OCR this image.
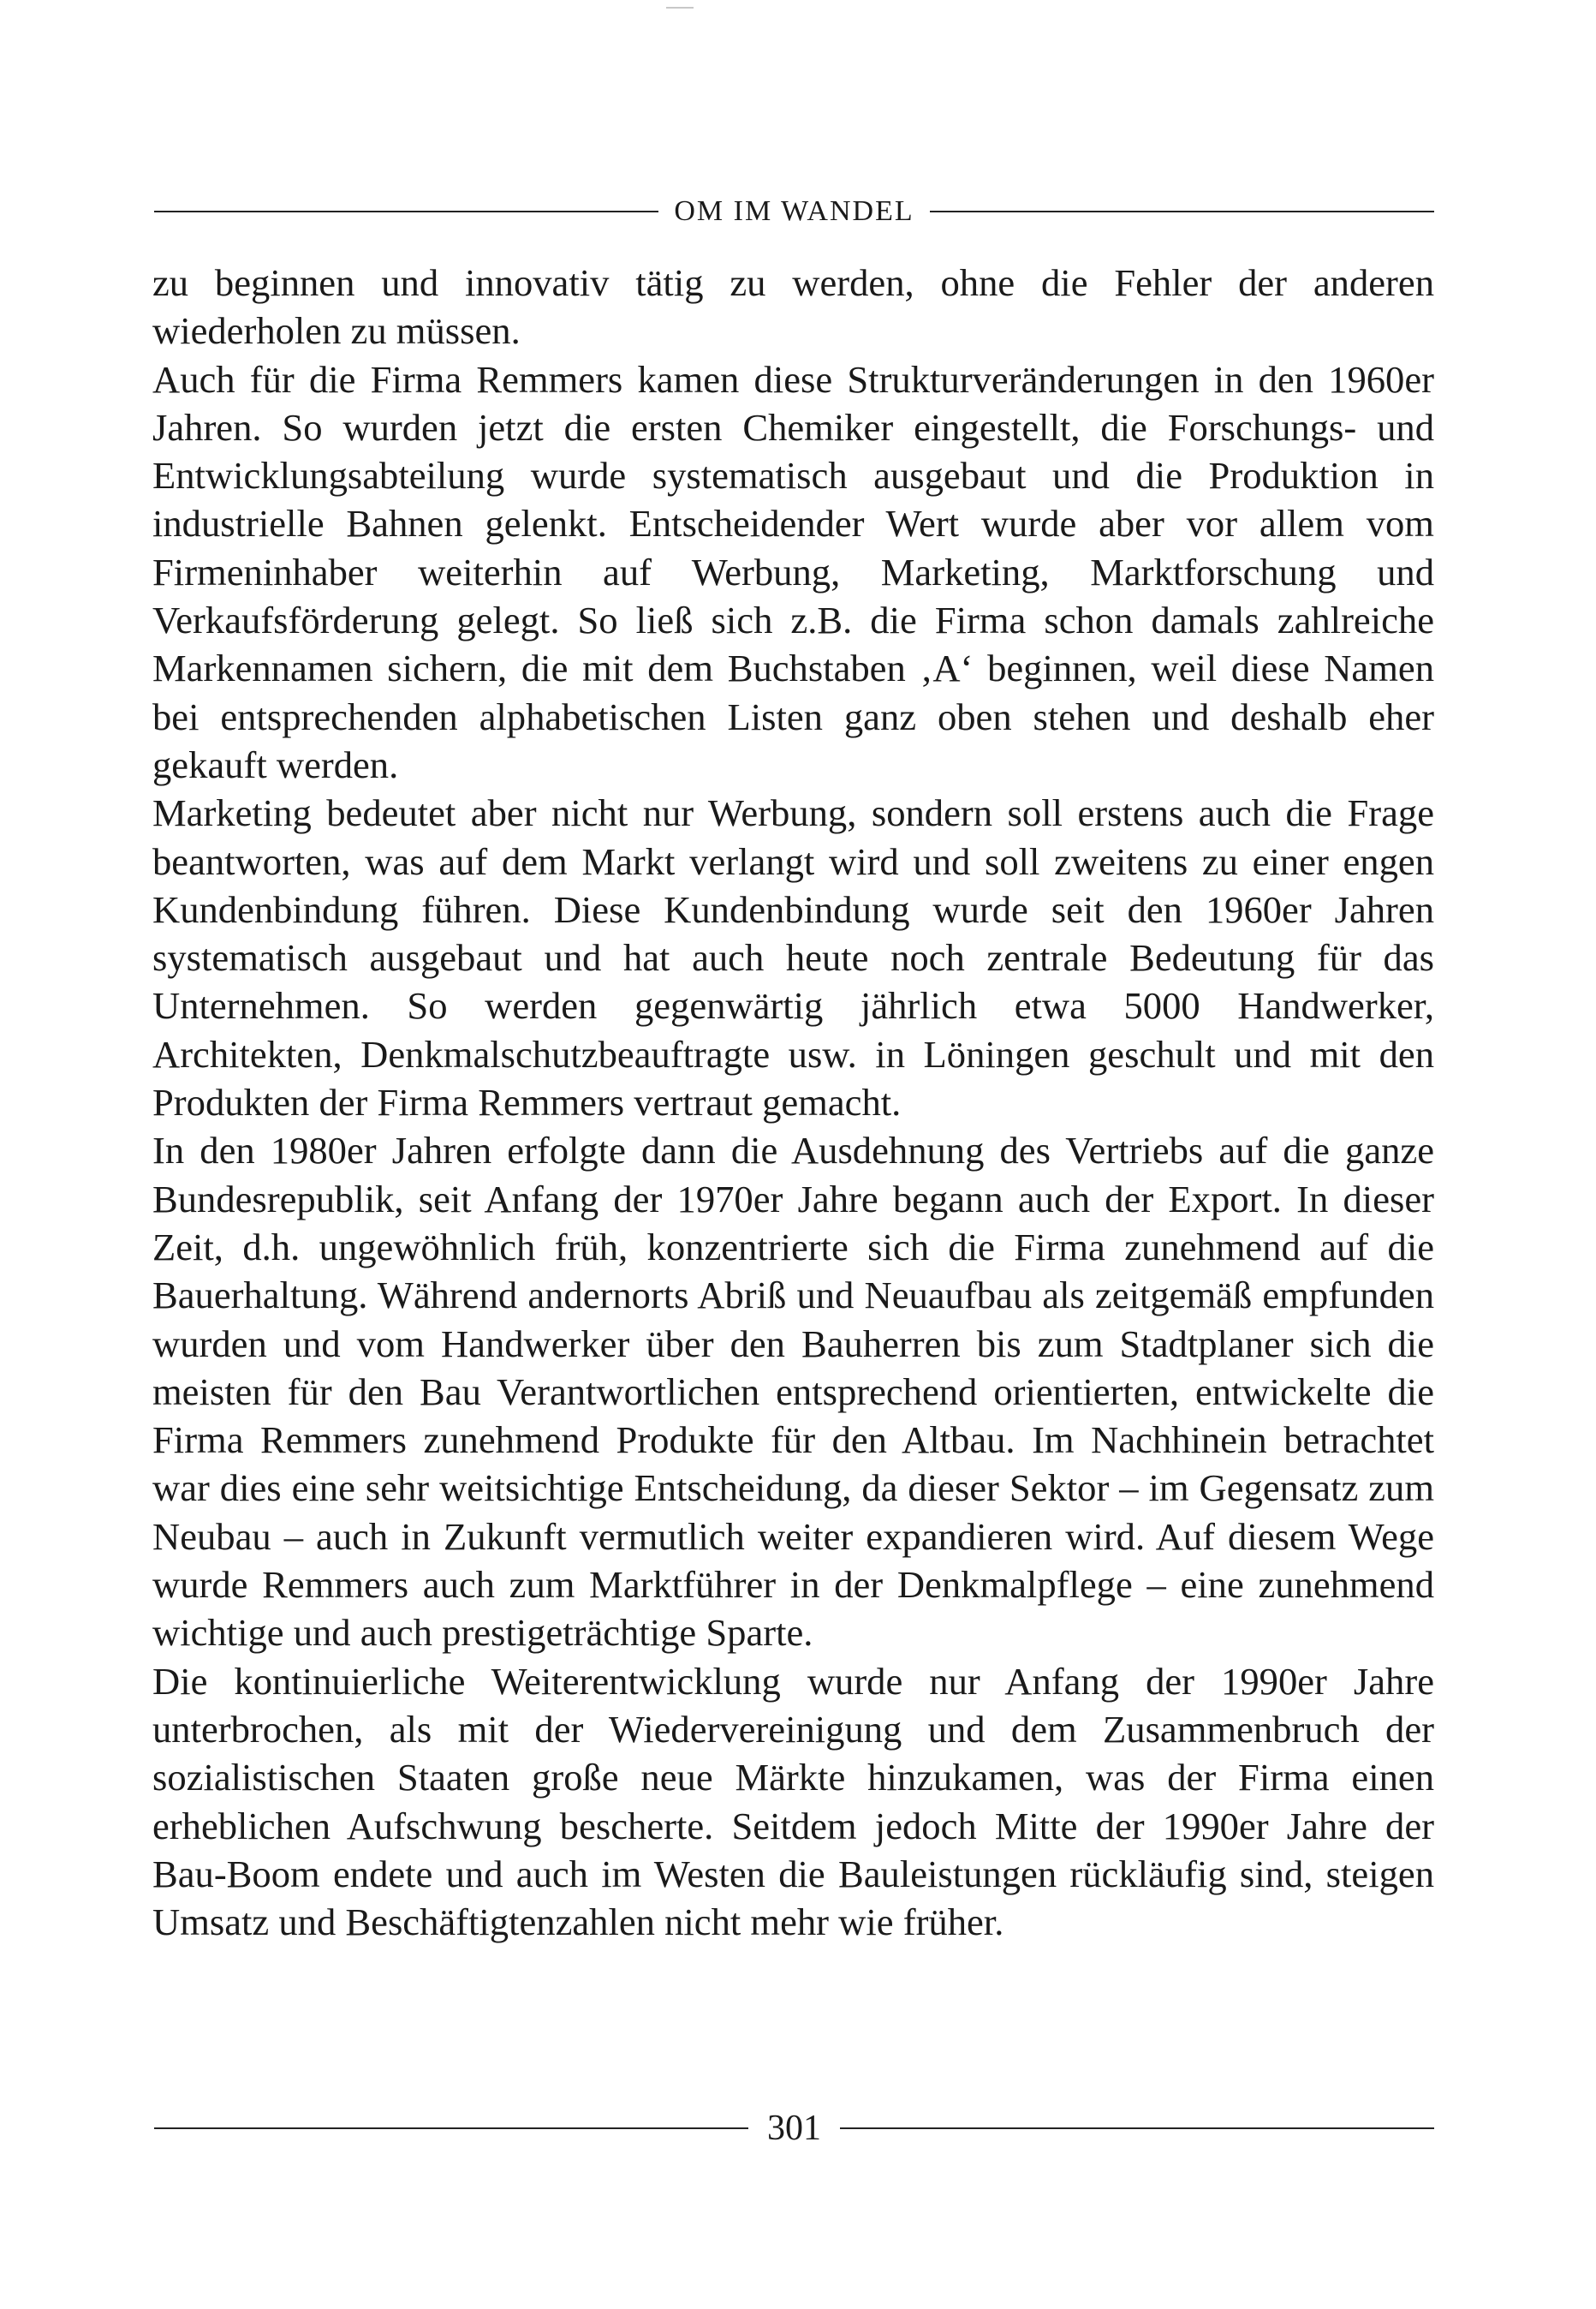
OM IM WANDEL

zu beginnen und innovativ tätig zu werden, ohne die Fehler der anderen wiederholen zu müssen.

Auch für die Firma Remmers kamen diese Strukturveränderungen in den 1960er Jahren. So wurden jetzt die ersten Chemiker eingestellt, die Forschungs- und Entwicklungsabteilung wurde systematisch ausgebaut und die Produktion in industrielle Bahnen gelenkt. Entscheidender Wert wurde aber vor allem vom Firmeninhaber weiterhin auf Werbung, Marketing, Marktforschung und Verkaufsförderung gelegt. So ließ sich z.B. die Firma schon damals zahlreiche Markennamen sichern, die mit dem Buchstaben ‚A‘ beginnen, weil diese Namen bei entsprechenden alphabetischen Listen ganz oben stehen und deshalb eher gekauft werden.

Marketing bedeutet aber nicht nur Werbung, sondern soll erstens auch die Frage beantworten, was auf dem Markt verlangt wird und soll zweitens zu einer engen Kundenbindung führen. Diese Kundenbindung wurde seit den 1960er Jahren systematisch ausgebaut und hat auch heute noch zentrale Bedeutung für das Unternehmen. So werden gegenwärtig jährlich etwa 5000 Handwerker, Architekten, Denkmalschutzbeauftragte usw. in Löningen geschult und mit den Produkten der Firma Remmers vertraut gemacht.

In den 1980er Jahren erfolgte dann die Ausdehnung des Vertriebs auf die ganze Bundesrepublik, seit Anfang der 1970er Jahre begann auch der Export. In dieser Zeit, d.h. ungewöhnlich früh, konzentrierte sich die Firma zunehmend auf die Bauerhaltung. Während andernorts Abriß und Neuaufbau als zeitgemäß empfunden wurden und vom Handwerker über den Bauherren bis zum Stadtplaner sich die meisten für den Bau Verantwortlichen entsprechend orientierten, entwickelte die Firma Remmers zunehmend Produkte für den Altbau. Im Nachhinein betrachtet war dies eine sehr weitsichtige Entscheidung, da dieser Sektor – im Gegensatz zum Neubau – auch in Zukunft vermutlich weiter expandieren wird. Auf diesem Wege wurde Remmers auch zum Marktführer in der Denkmalpflege – eine zunehmend wichtige und auch prestigeträchtige Sparte.

Die kontinuierliche Weiterentwicklung wurde nur Anfang der 1990er Jahre unterbrochen, als mit der Wiedervereinigung und dem Zusammenbruch der sozialistischen Staaten große neue Märkte hinzukamen, was der Firma einen erheblichen Aufschwung bescherte. Seitdem jedoch Mitte der 1990er Jahre der Bau-Boom endete und auch im Westen die Bauleistungen rückläufig sind, steigen Umsatz und Beschäftigtenzahlen nicht mehr wie früher.

301
